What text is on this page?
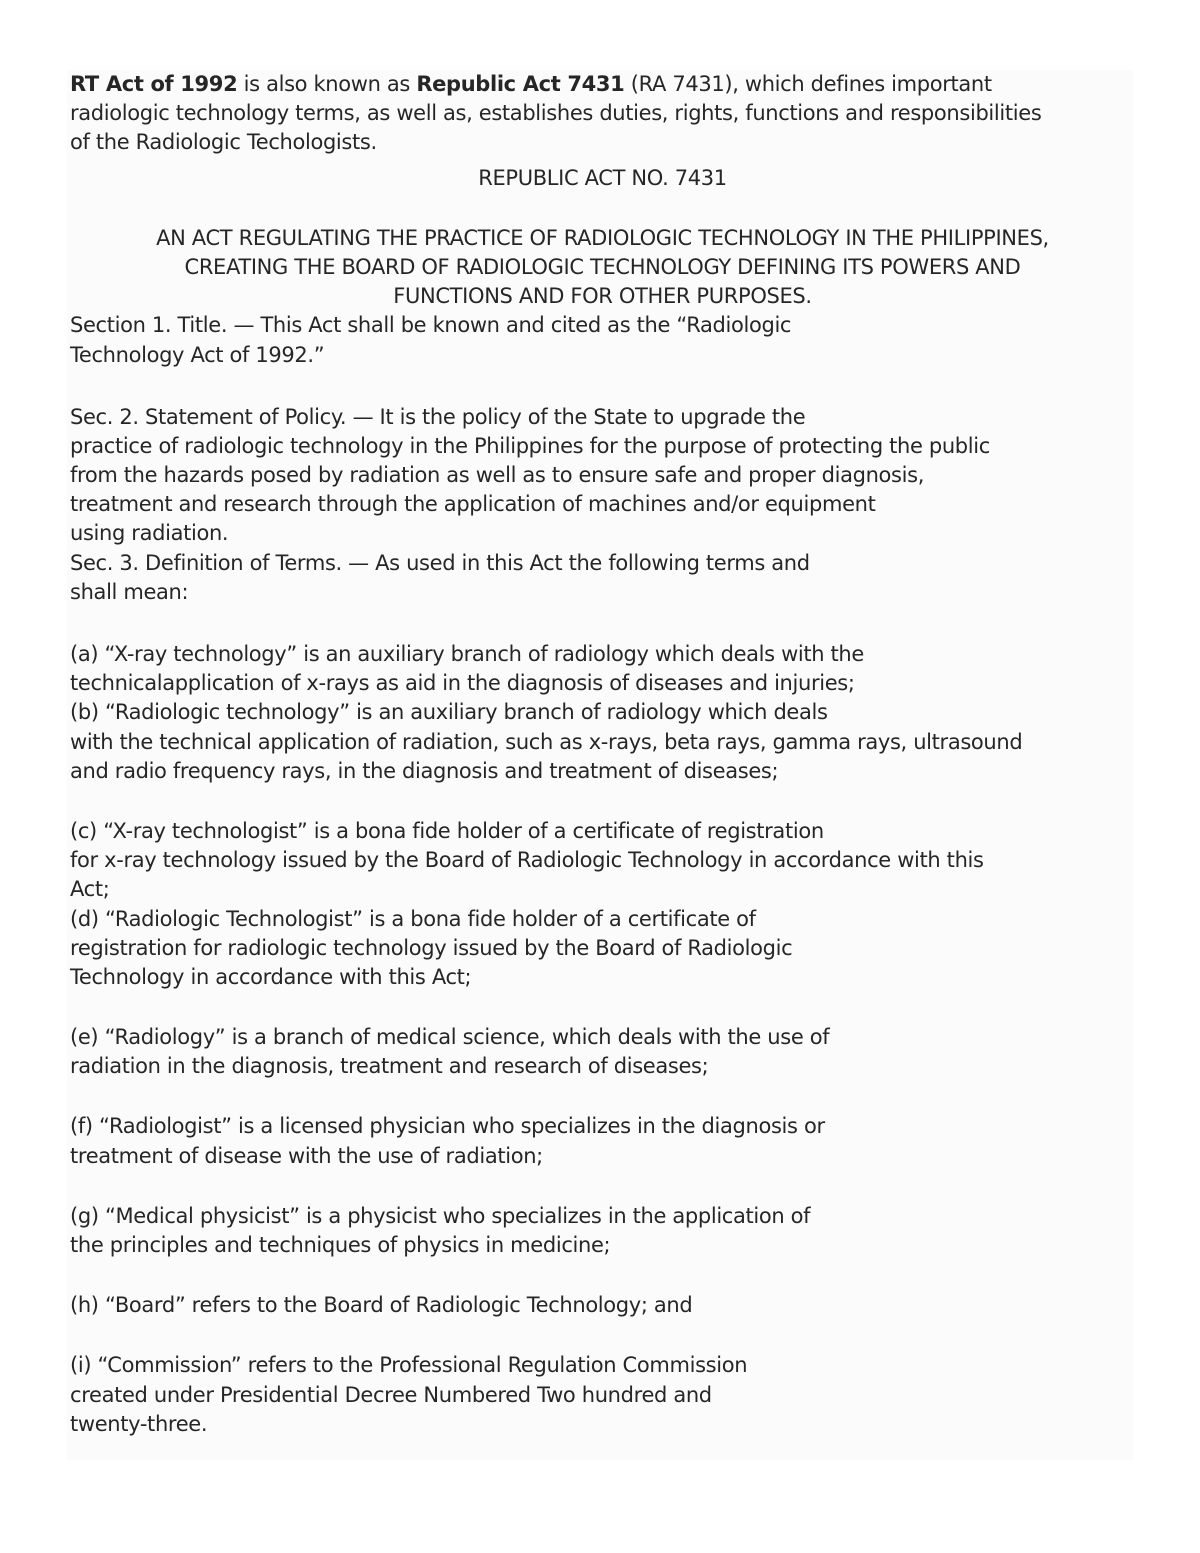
RT Act of 1992 is also known as Republic Act 7431 (RA 7431), which defines important
radiologic technology terms, as well as, establishes duties, rights, functions and responsibilities
of the Radiologic Techologists.
REPUBLIC ACT NO. 7431
AN ACT REGULATING THE PRACTICE OF RADIOLOGIC TECHNOLOGY IN THE PHILIPPINES,
CREATING THE BOARD OF RADIOLOGIC TECHNOLOGY DEFINING ITS POWERS AND
FUNCTIONS AND FOR OTHER PURPOSES.
Section 1. Title. — This Act shall be known and cited as the “Radiologic
Technology Act of 1992.”
Sec. 2. Statement of Policy. — It is the policy of the State to upgrade the
practice of radiologic technology in the Philippines for the purpose of protecting the public
from the hazards posed by radiation as well as to ensure safe and proper diagnosis,
treatment and research through the application of machines and/or equipment
using radiation.
Sec. 3. Definition of Terms. — As used in this Act the following terms and
shall mean:
(a) “X-ray technology” is an auxiliary branch of radiology which deals with the
technicalapplication of x-rays as aid in the diagnosis of diseases and injuries;
(b) “Radiologic technology” is an auxiliary branch of radiology which deals
with the technical application of radiation, such as x-rays, beta rays, gamma rays, ultrasound
and radio frequency rays, in the diagnosis and treatment of diseases;
(c) “X-ray technologist” is a bona fide holder of a certificate of registration
for x-ray technology issued by the Board of Radiologic Technology in accordance with this
Act;
(d) “Radiologic Technologist” is a bona fide holder of a certificate of
registration for radiologic technology issued by the Board of Radiologic
Technology in accordance with this Act;
(e) “Radiology” is a branch of medical science, which deals with the use of
radiation in the diagnosis, treatment and research of diseases;
(f) “Radiologist” is a licensed physician who specializes in the diagnosis or
treatment of disease with the use of radiation;
(g) “Medical physicist” is a physicist who specializes in the application of
the principles and techniques of physics in medicine;
(h) “Board” refers to the Board of Radiologic Technology; and
(i) “Commission” refers to the Professional Regulation Commission
created under Presidential Decree Numbered Two hundred and
twenty-three.
